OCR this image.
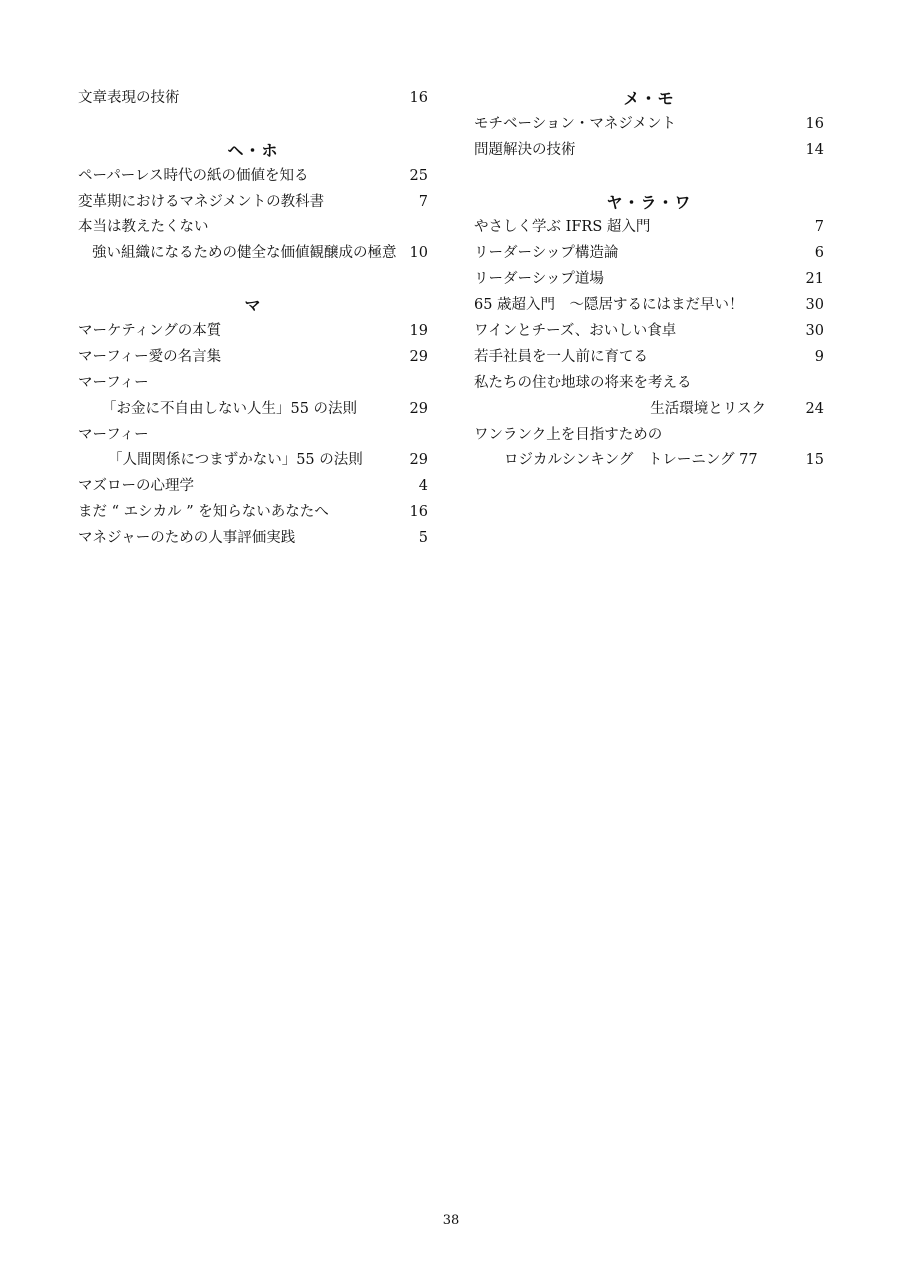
文章表現の技術	16
ヘ・ホ
ペーパーレス時代の紙の価値を知る	25
変革期におけるマネジメントの教科書	7
本当は教えたくない
強い組織になるための健全な価値観醸成の極意 10
マ
マーケティングの本質	19
マーフィー愛の名言集	29
マーフィー
「お金に不自由しない人生」55 の法則	29
マーフィー
「人間関係につまずかない」55 の法則	29
マズローの心理学	4
まだ “ エシカル ” を知らないあなたへ	16
マネジャーのための人事評価実践	5
メ・モ
モチベーション・マネジメント	16
問題解決の技術	14
ヤ・ラ・ワ
やさしく学ぶ IFRS 超入門	7
リーダーシップ構造論	6
リーダーシップ道場	21
65 歳超入門　～隠居するにはまだ早い！	30
ワインとチーズ、おいしい食卓	30
若手社員を一人前に育てる	9
私たちの住む地球の将来を考える
生活環境とリスク	24
ワンランク上を目指すための
ロジカルシンキング　トレーニング 77	15
38
